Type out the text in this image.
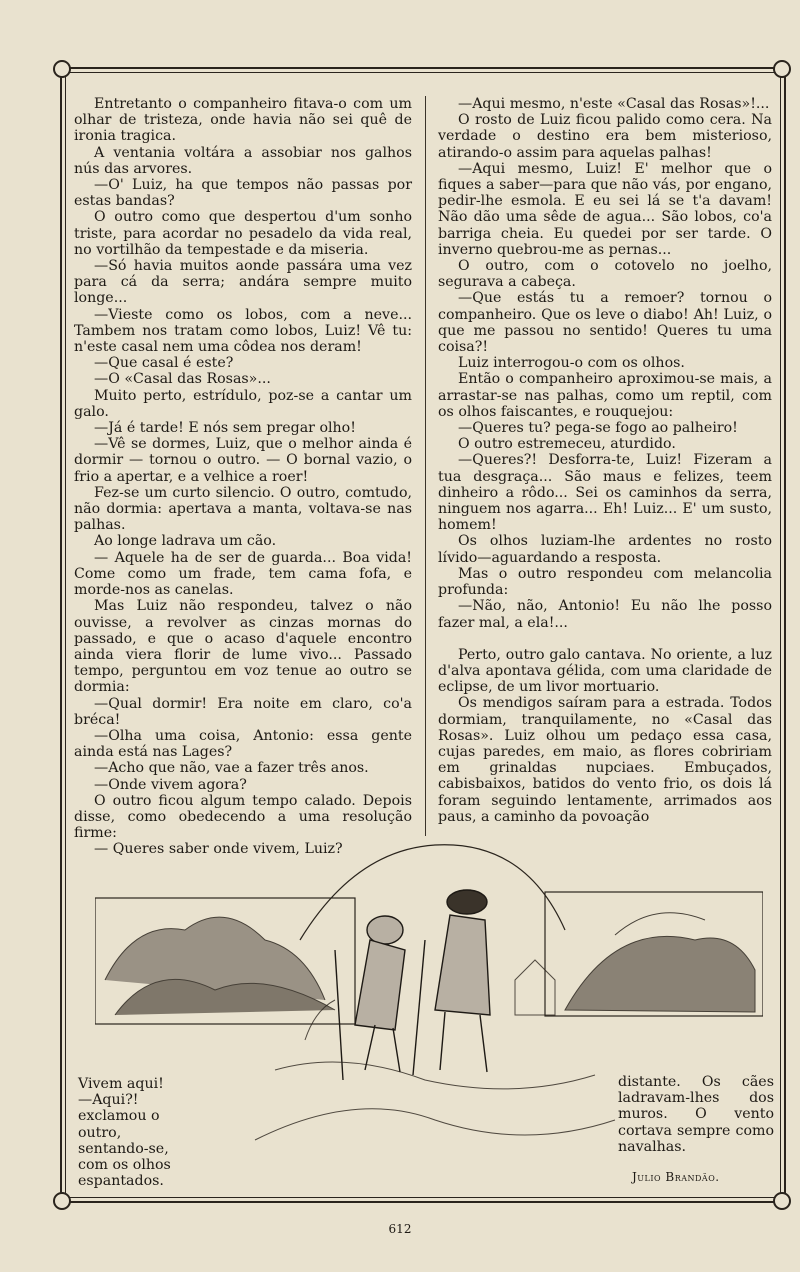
Entretanto o companheiro fitava-o com um olhar de tristeza, onde havia não sei quê de ironia tragica.

A ventania voltára a assobiar nos galhos nús das arvores.

—O' Luiz, ha que tempos não passas por estas bandas?

O outro como que despertou d'um sonho triste, para acordar no pesadelo da vida real, no vortilhão da tempestade e da miseria.

—Só havia muitos aonde passára uma vez para cá da serra; andára sempre muito longe...

—Vieste como os lobos, com a neve... Tambem nos tratam como lobos, Luiz! Vê tu: n'este casal nem uma côdea nos deram!

—Que casal é este?

—O «Casal das Rosas»...

Muito perto, estrídulo, poz-se a cantar um galo.

—Já é tarde! E nós sem pregar olho!

—Vê se dormes, Luiz, que o melhor ainda é dormir — tornou o outro. — O bornal vazio, o frio a apertar, e a velhice a roer!

Fez-se um curto silencio. O outro, comtudo, não dormia: apertava a manta, voltava-se nas palhas.

Ao longe ladrava um cão.

— Aquele ha de ser de guarda... Boa vida! Come como um frade, tem cama fofa, e morde-nos as canelas.

Mas Luiz não respondeu, talvez o não ouvisse, a revolver as cinzas mornas do passado, e que o acaso d'aquele encontro ainda viera florir de lume vivo... Passado tempo, perguntou em voz tenue ao outro se dormia:

—Qual dormir! Era noite em claro, co'a bréca!

—Olha uma coisa, Antonio: essa gente ainda está nas Lages?

—Acho que não, vae a fazer três anos.

—Onde vivem agora?

O outro ficou algum tempo calado. Depois disse, como obedecendo a uma resolução firme:

— Queres saber onde vivem, Luiz?

—Aqui mesmo, n'este «Casal das Rosas»!...

O rosto de Luiz ficou palido como cera. Na verdade o destino era bem misterioso, atirando-o assim para aquelas palhas!

—Aqui mesmo, Luiz! E' melhor que o fiques a saber—para que não vás, por engano, pedir-lhe esmola. E eu sei lá se t'a davam! Não dão uma sêde de agua... São lobos, co'a barriga cheia. Eu quedei por ser tarde. O inverno quebrou-me as pernas...

O outro, com o cotovelo no joelho, segurava a cabeça.

—Que estás tu a remoer? tornou o companheiro. Que os leve o diabo! Ah! Luiz, o que me passou no sentido! Queres tu uma coisa?!

Luiz interrogou-o com os olhos.

Então o companheiro aproximou-se mais, a arrastar-se nas palhas, como um reptil, com os olhos faiscantes, e rouquejou:

—Queres tu? pega-se fogo ao palheiro!

O outro estremeceu, aturdido.

—Queres?! Desforra-te, Luiz! Fizeram a tua desgraça... São maus e felizes, teem dinheiro a rôdo... Sei os caminhos da serra, ninguem nos agarra... Eh! Luiz... E' um susto, homem!

Os olhos luziam-lhe ardentes no rosto lívido—aguardando a resposta.

Mas o outro respondeu com melancolia profunda:

—Não, não, Antonio! Eu não lhe posso fazer mal, a ela!...

Perto, outro galo cantava. No oriente, a luz d'alva apontava gélida, com uma claridade de eclipse, de um livor mortuario.

Os mendigos saíram para a estrada. Todos dormiam, tranquilamente, no «Casal das Rosas». Luiz olhou um pedaço essa casa, cujas paredes, em maio, as flores cobririam em grinaldas nupciaes. Embuçados, cabisbaixos, batidos do vento frio, os dois lá foram seguindo lentamente, arrimados aos paus, a caminho da povoação

Vivem aqui!

—Aqui?! exclamou o outro, sentando-se, com os olhos espantados.

distante. Os cães ladravam-lhes dos muros. O vento cortava sempre como navalhas.

Julio Brandão.
612
